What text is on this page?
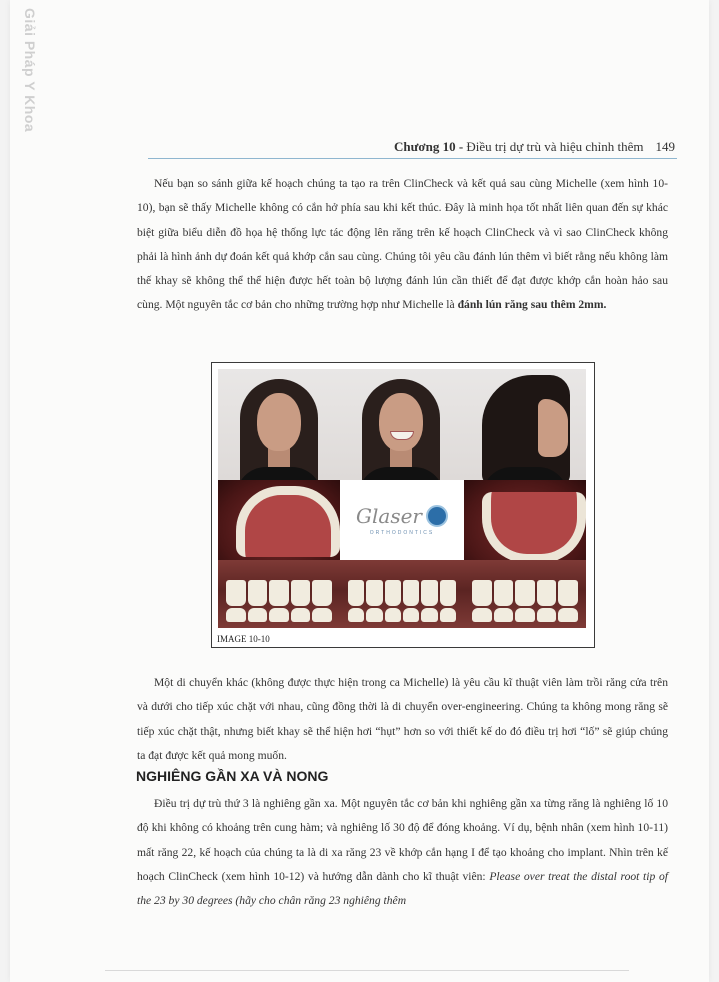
Giải Pháp Y Khoa
Chương 10 - Điều trị dự trù và hiệu chỉnh thêm 149

Nếu bạn so sánh giữa kế hoạch chúng ta tạo ra trên ClinCheck và kết quả sau cùng Michelle (xem hình 10-10), bạn sẽ thấy Michelle không có cắn hở phía sau khi kết thúc. Đây là minh họa tốt nhất liên quan đến sự khác biệt giữa biểu diễn đồ họa hệ thống lực tác động lên răng trên kế hoạch ClinCheck và vì sao ClinCheck không phải là hình ảnh dự đoán kết quả khớp cắn sau cùng. Chúng tôi yêu cầu đánh lún thêm vì biết rằng nếu không làm thế khay sẽ không thể thể hiện được hết toàn bộ lượng đánh lún cần thiết để đạt được khớp cắn hoàn hảo sau cùng. Một nguyên tắc cơ bản cho những trường hợp như Michelle là đánh lún răng sau thêm 2mm.

Glaser
ORTHODONTICS
IMAGE 10-10

Một di chuyển khác (không được thực hiện trong ca Michelle) là yêu cầu kĩ thuật viên làm trồi răng cửa trên và dưới cho tiếp xúc chặt với nhau, cũng đồng thời là di chuyển over-engineering. Chúng ta không mong răng sẽ tiếp xúc chặt thật, nhưng biết khay sẽ thể hiện hơi “hụt” hơn so với thiết kế do đó điều trị hơi “lố” sẽ giúp chúng ta đạt được kết quả mong muốn.

NGHIÊNG GẦN XA VÀ NONG

Điều trị dự trù thứ 3 là nghiêng gần xa. Một nguyên tắc cơ bản khi nghiêng gần xa từng răng là nghiêng lố 10 độ khi không có khoảng trên cung hàm; và nghiêng lố 30 độ để đóng khoảng. Ví dụ, bệnh nhân (xem hình 10-11) mất răng 22, kế hoạch của chúng ta là di xa răng 23 về khớp cắn hạng I để tạo khoảng cho implant. Nhìn trên kế hoạch ClinCheck (xem hình 10-12) và hướng dẫn dành cho kĩ thuật viên: Please over treat the distal root tip of the 23 by 30 degrees (hãy cho chân răng 23 nghiêng thêm
